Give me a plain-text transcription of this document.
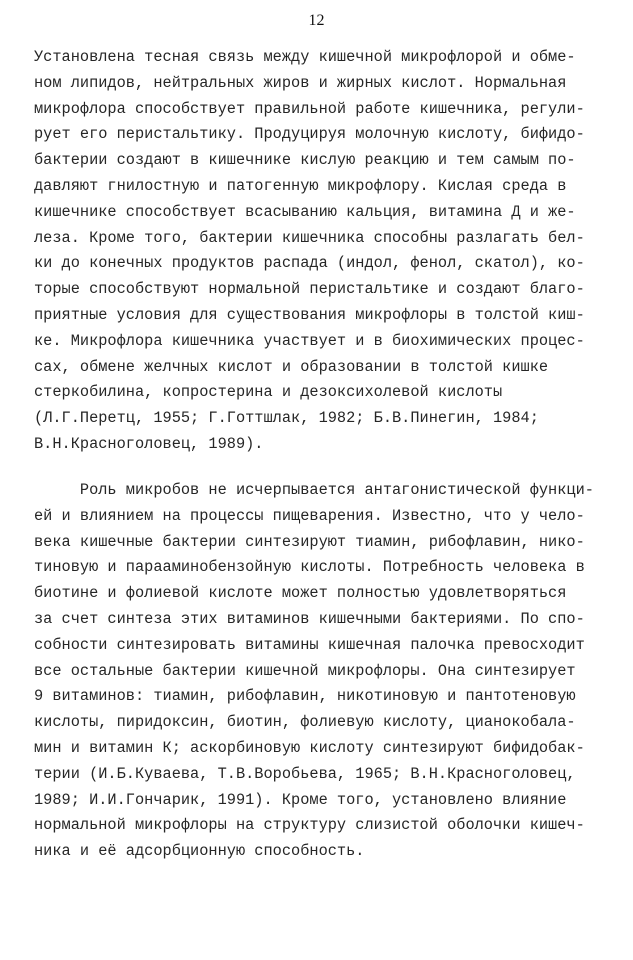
12
Установлена тесная связь между кишечной микрофлорой и обме-
ном липидов, нейтральных жиров и жирных кислот. Нормальная
микрофлора способствует правильной работе кишечника, регули-
рует его перистальтику. Продуцируя молочную кислоту, бифидо-
бактерии создают в кишечнике кислую реакцию и тем самым по-
давляют гнилостную и патогенную микрофлору. Кислая среда в
кишечнике способствует всасыванию кальция, витамина Д и же-
леза. Кроме того, бактерии кишечника способны разлагать бел-
ки до конечных продуктов распада (индол, фенол, скатол), ко-
торые способствуют нормальной перистальтике и создают благо-
приятные условия для существования микрофлоры в толстой киш-
ке. Микрофлора кишечника участвует и в биохимических процес-
сах, обмене желчных кислот и образовании в толстой кишке
стеркобилина, копростерина и дезоксихолевой кислоты
(Л.Г.Перетц, 1955; Г.Готтшлак, 1982; Б.В.Пинегин, 1984;
В.Н.Красноголовец, 1989).
Роль микробов не исчерпывается антагонистической функци-
ей и влиянием на процессы пищеварения. Известно, что у чело-
века кишечные бактерии синтезируют тиамин, рибофлавин, нико-
тиновую и парааминобензойную кислоты. Потребность человека в
биотине и фолиевой кислоте может полностью удовлетворяться
за счет синтеза этих витаминов кишечными бактериями. По спо-
собности синтезировать витамины кишечная палочка превосходит
все остальные бактерии кишечной микрофлоры. Она синтезирует
9 витаминов: тиамин, рибофлавин, никотиновую и пантотеновую
кислоты, пиридоксин, биотин, фолиевую кислоту, цианокобала-
мин и витамин К; аскорбиновую кислоту синтезируют бифидобак-
терии (И.Б.Куваева, Т.В.Воробьева, 1965; В.Н.Красноголовец,
1989; И.И.Гончарик, 1991). Кроме того, установлено влияние
нормальной микрофлоры на структуру слизистой оболочки кишеч-
ника и её адсорбционную способность.
